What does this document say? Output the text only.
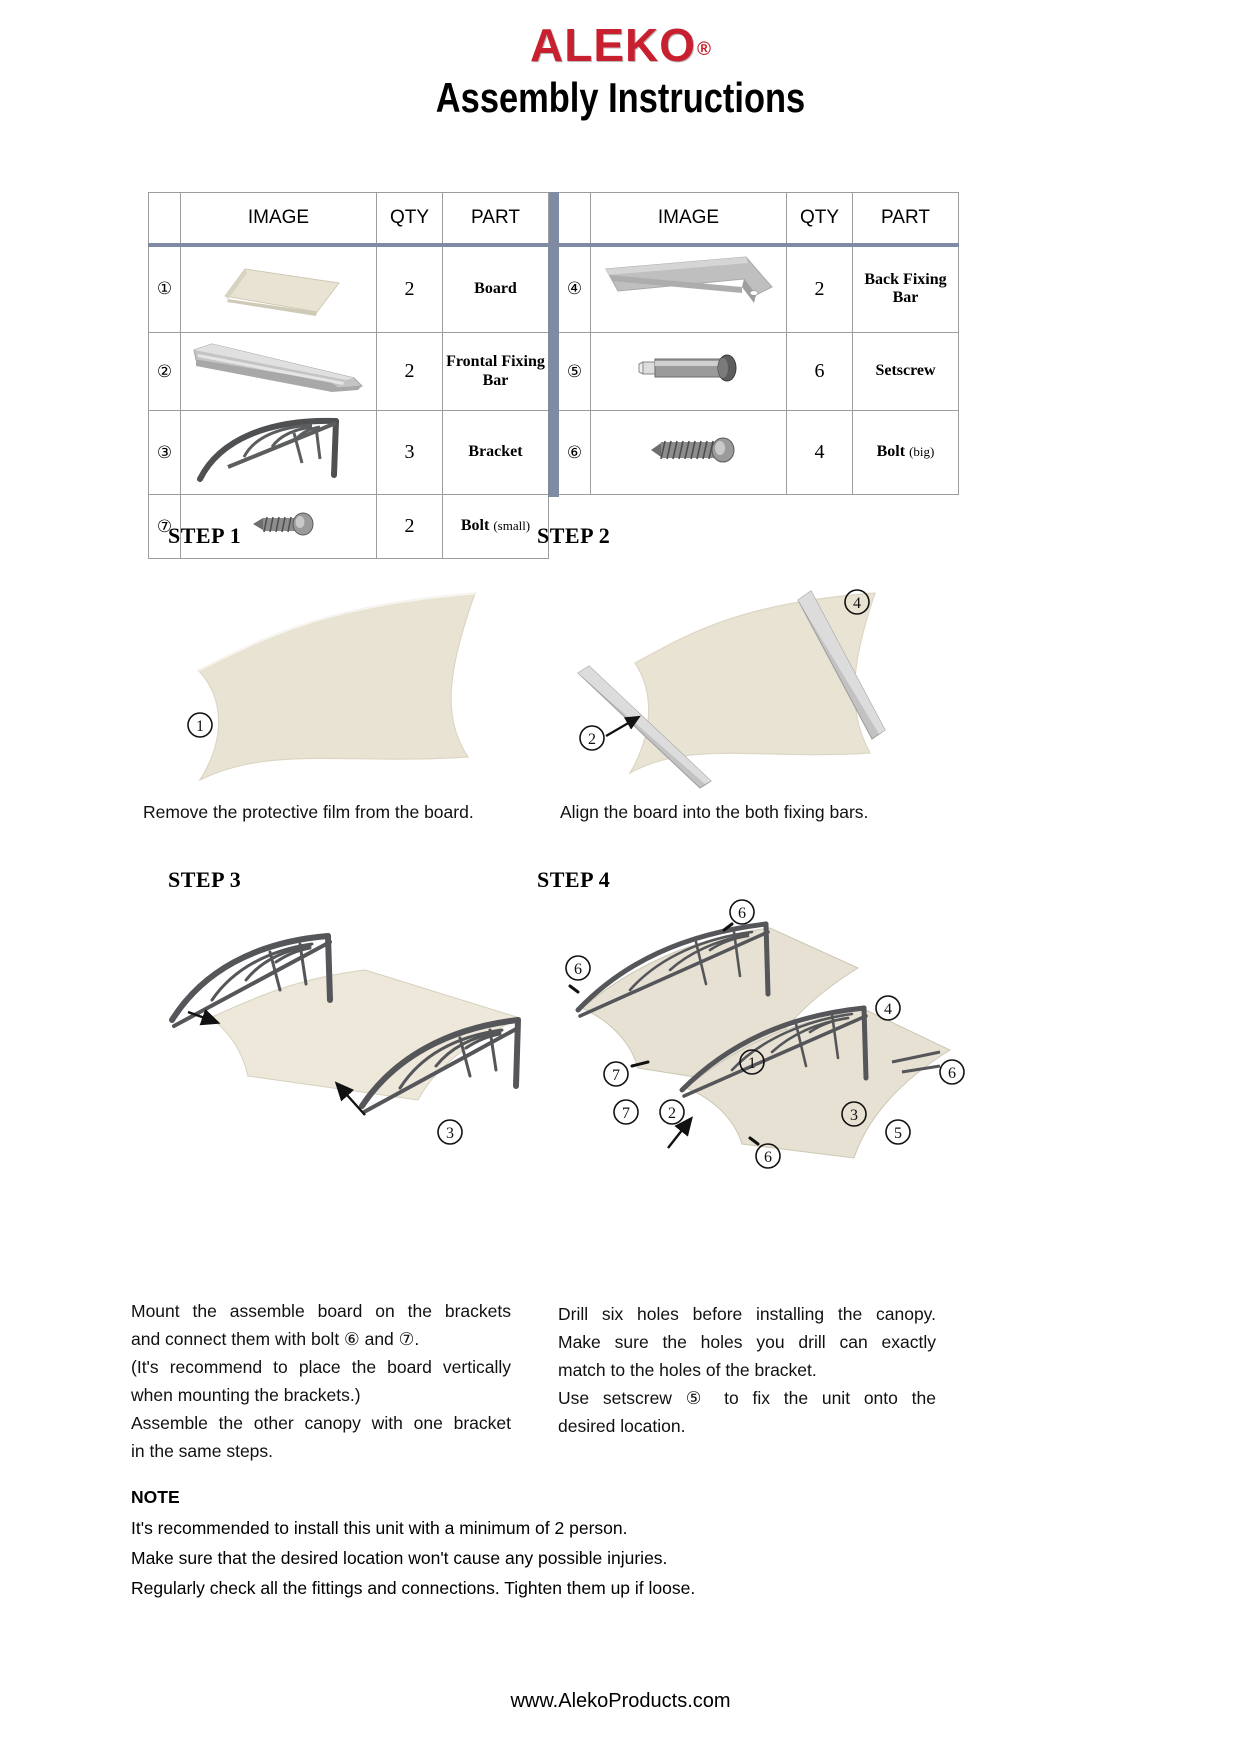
ALEKO®
Assembly Instructions
	IMAGE	QTY	PART			IMAGE	QTY	PART
①		2	Board		④		2	Back Fixing Bar
②		2	Frontal Fixing Bar		⑤		6	Setscrew
③		3	Bracket		⑥		4	Bolt (big)
⑦		2	Bolt (small)					
STEP 1
1
Remove the protective film from the board.
STEP 2
4
2
Align the board into the both fixing bars.
STEP 3
3
Mount the assemble board on the brackets
and connect them with bolt ⑥ and ⑦.
(It's recommend to place the board vertically
when mounting the brackets.)
Assemble the other canopy with one bracket
in the same steps.
STEP 4
6
6
4
6
1
7
7 2	3
5
6
Drill six holes before installing the canopy.
Make sure the holes you drill can exactly
match to the holes of the bracket.
Use setscrew ⑤ to fix the unit onto the
desired location.
NOTE
It's recommended to install this unit with a minimum of 2 person.
Make sure that the desired location won't cause any possible injuries.
Regularly check all the fittings and connections. Tighten them up if loose.
www.AlekoProducts.com
